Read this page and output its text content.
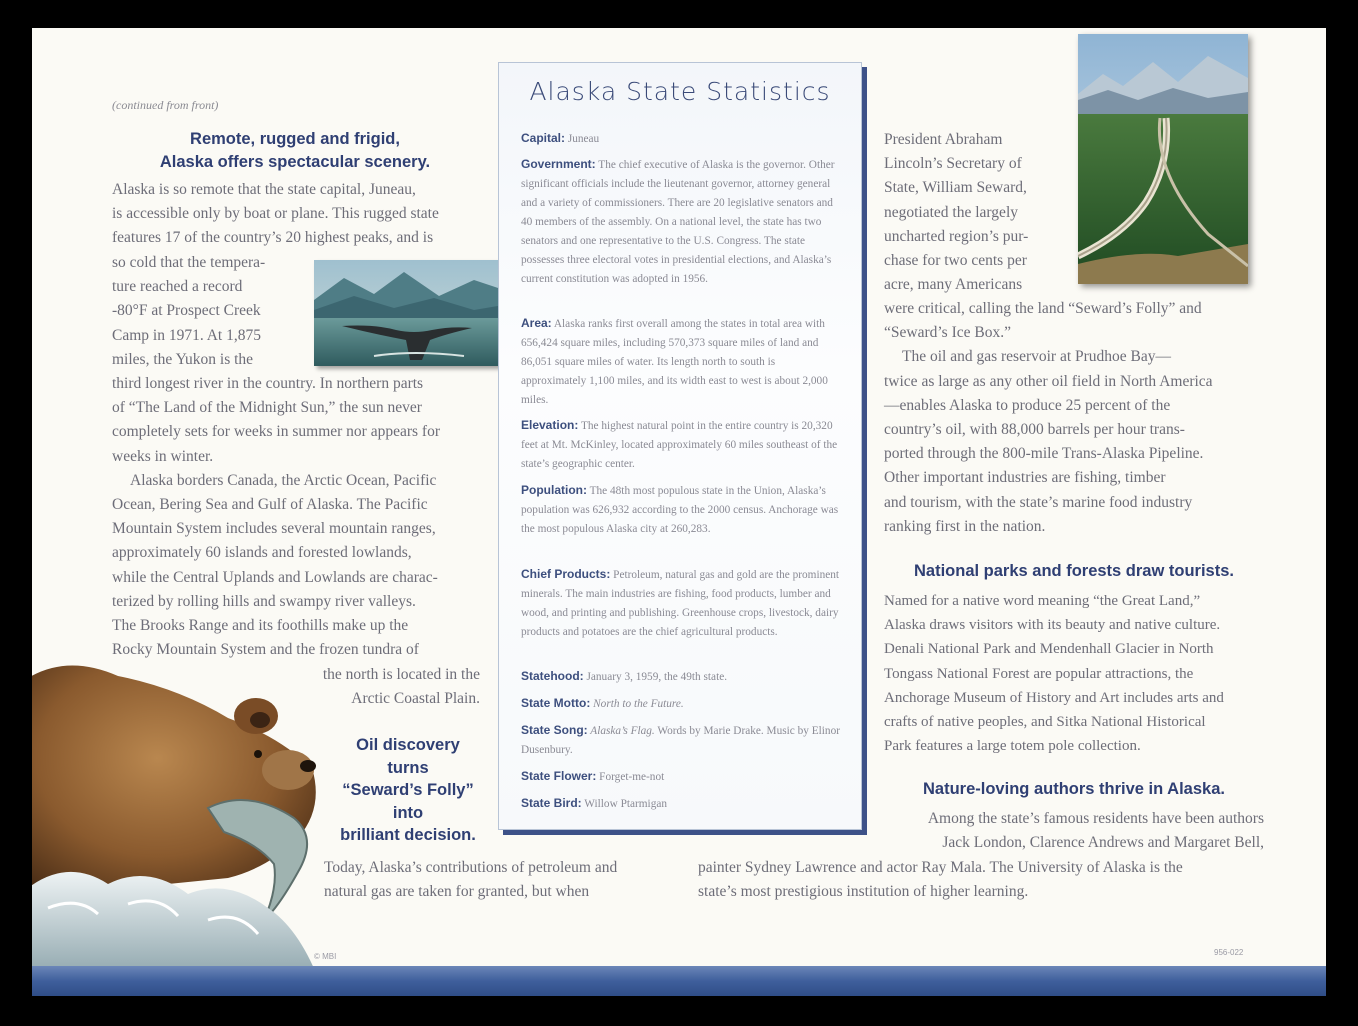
(continued from front)
Remote, rugged and frigid,
Alaska offers spectacular scenery.

Alaska is so remote that the state capital, Juneau,

is accessible only by boat or plane. This rugged state

features 17 of the country’s 20 highest peaks, and is

so cold that the tempera-

ture reached a record

-80°F at Prospect Creek

Camp in 1971. At 1,875

miles, the Yukon is the

third longest river in the country. In northern parts

of “The Land of the Midnight Sun,” the sun never

completely sets for weeks in summer nor appears for

weeks in winter.

Alaska borders Canada, the Arctic Ocean, Pacific

Ocean, Bering Sea and Gulf of Alaska. The Pacific

Mountain System includes several mountain ranges,

approximately 60 islands and forested lowlands,

while the Central Uplands and Lowlands are charac-

terized by rolling hills and swampy river valleys.

The Brooks Range and its foothills make up the

Rocky Mountain System and the frozen tundra of

the north is located in the

Arctic Coastal Plain.

Alaska State Statistics
Capital: Juneau
Government: The chief executive of Alaska is the governor. Other significant officials include the lieutenant governor, attorney general and a variety of commissioners. There are 20 legislative senators and 40 members of the assembly. On a national level, the state has two senators and one representative to the U.S. Congress. The state possesses three electoral votes in presidential elections, and Alaska’s current constitution was adopted in 1956.
Area: Alaska ranks first overall among the states in total area with 656,424 square miles, including 570,373 square miles of land and 86,051 square miles of water. Its length north to south is approximately 1,100 miles, and its width east to west is about 2,000 miles.
Elevation: The highest natural point in the entire country is 20,320 feet at Mt. McKinley, located approximately 60 miles southeast of the state’s geographic center.
Population: The 48th most populous state in the Union, Alaska’s population was 626,932 according to the 2000 census. Anchorage was the most populous Alaska city at 260,283.
Chief Products: Petroleum, natural gas and gold are the prominent minerals. The main industries are fishing, food products, lumber and wood, and printing and publishing. Greenhouse crops, livestock, dairy products and potatoes are the chief agricultural products.
Statehood: January 3, 1959, the 49th state.
State Motto: North to the Future.
State Song: Alaska’s Flag. Words by Marie Drake. Music by Elinor Dusenbury.
State Flower: Forget-me-not
State Bird: Willow Ptarmigan

President Abraham

Lincoln’s Secretary of

State, William Seward,

negotiated the largely

uncharted region’s pur-

chase for two cents per

acre, many Americans

were critical, calling the land “Seward’s Folly” and

“Seward’s Ice Box.”

The oil and gas reservoir at Prudhoe Bay—

twice as large as any other oil field in North America

—enables Alaska to produce 25 percent of the

country’s oil, with 88,000 barrels per hour trans-

ported through the 800-mile Trans-Alaska Pipeline.

Other important industries are fishing, timber

and tourism, with the state’s marine food industry

ranking first in the nation.

National parks and forests draw tourists.

Named for a native word meaning “the Great Land,”

Alaska draws visitors with its beauty and native culture.

Denali National Park and Mendenhall Glacier in North

Tongass National Forest are popular attractions, the

Anchorage Museum of History and Art includes arts and

crafts of native peoples, and Sitka National Historical

Park features a large totem pole collection.

Nature-loving authors thrive in Alaska.

Among the state’s famous residents have been authors

Jack London, Clarence Andrews and Margaret Bell,

painter Sydney Lawrence and actor Ray Mala. The University of Alaska is the

state’s most prestigious institution of higher learning.

Oil discovery
turns
“Seward’s Folly”
into
brilliant decision.

Today, Alaska’s contributions of petroleum and

natural gas are taken for granted, but when

© MBI	956-022
